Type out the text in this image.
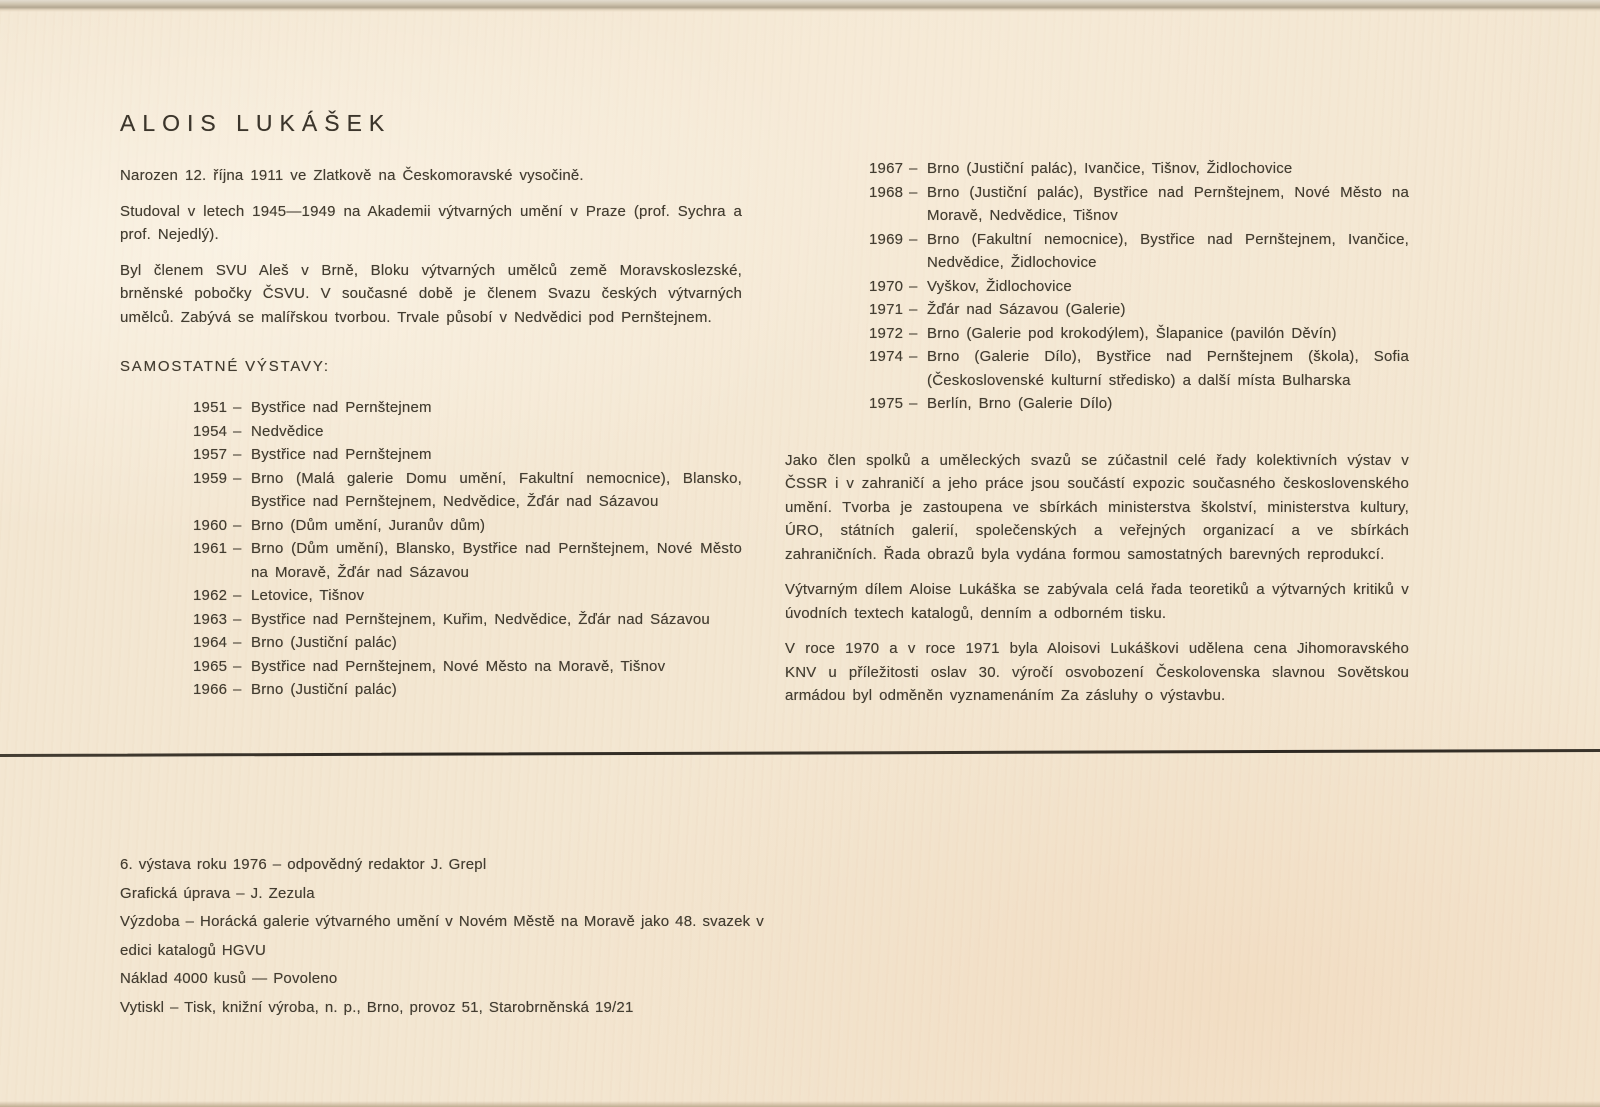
ALOIS LUKÁŠEK

Narozen 12. října 1911 ve Zlatkově na Českomoravské vysočině.

Studoval v letech 1945—1949 na Akademii výtvarných umění v Praze (prof. Sychra a prof. Nejedlý).

Byl členem SVU Aleš v Brně, Bloku výtvarných umělců země Moravskoslezské, brněnské pobočky ČSVU. V současné době je členem Svazu českých výtvarných umělců. Zabývá se malířskou tvorbou. Trvale působí v Nedvědici pod Pernštejnem.

SAMOSTATNÉ VÝSTAVY:
1951 – Bystřice nad Pernštejnem
1954 – Nedvědice
1957 – Bystřice nad Pernštejnem
1959 – Brno (Malá galerie Domu umění, Fakultní nemocnice), Blansko, Bystřice nad Pernštejnem, Nedvědice, Žďár nad Sázavou
1960 – Brno (Dům umění, Juranův dům)
1961 – Brno (Dům umění), Blansko, Bystřice nad Pernštejnem, Nové Město na Moravě, Žďár nad Sázavou
1962 – Letovice, Tišnov
1963 – Bystřice nad Pernštejnem, Kuřim, Nedvědice, Žďár nad Sázavou
1964 – Brno (Justiční palác)
1965 – Bystřice nad Pernštejnem, Nové Město na Moravě, Tišnov
1966 – Brno (Justiční palác)
1967 – Brno (Justiční palác), Ivančice, Tišnov, Židlochovice
1968 – Brno (Justiční palác), Bystřice nad Pernštejnem, Nové Město na Moravě, Nedvědice, Tišnov
1969 – Brno (Fakultní nemocnice), Bystřice nad Pernštejnem, Ivančice, Nedvědice, Židlochovice
1970 – Vyškov, Židlochovice
1971 – Žďár nad Sázavou (Galerie)
1972 – Brno (Galerie pod krokodýlem), Šlapanice (pavilón Děvín)
1974 – Brno (Galerie Dílo), Bystřice nad Pernštejnem (škola), Sofia (Československé kulturní středisko) a další místa Bulharska
1975 – Berlín, Brno (Galerie Dílo)

Jako člen spolků a uměleckých svazů se zúčastnil celé řady kolektivních výstav v ČSSR i v zahraničí a jeho práce jsou součástí expozic současného československého umění. Tvorba je zastoupena ve sbírkách ministerstva školství, ministerstva kultury, ÚRO, státních galerií, společenských a veřejných organizací a ve sbírkách zahraničních. Řada obrazů byla vydána formou samostatných barevných reprodukcí.

Výtvarným dílem Aloise Lukáška se zabývala celá řada teoretiků a výtvarných kritiků v úvodních textech katalogů, denním a odborném tisku.

V roce 1970 a v roce 1971 byla Aloisovi Lukáškovi udělena cena Jihomoravského KNV u příležitosti oslav 30. výročí osvobození Českolovenska slavnou Sovětskou armádou byl odměněn vyznamenáním Za zásluhy o výstavbu.

6. výstava roku 1976 – odpovědný redaktor J. Grepl

Grafická úprava – J. Zezula

Výzdoba – Horácká galerie výtvarného umění v Novém Městě na Moravě jako 48. svazek v edici katalogů HGVU

Náklad 4000 kusů — Povoleno

Vytiskl – Tisk, knižní výroba, n. p., Brno, provoz 51, Starobrněnská 19/21
